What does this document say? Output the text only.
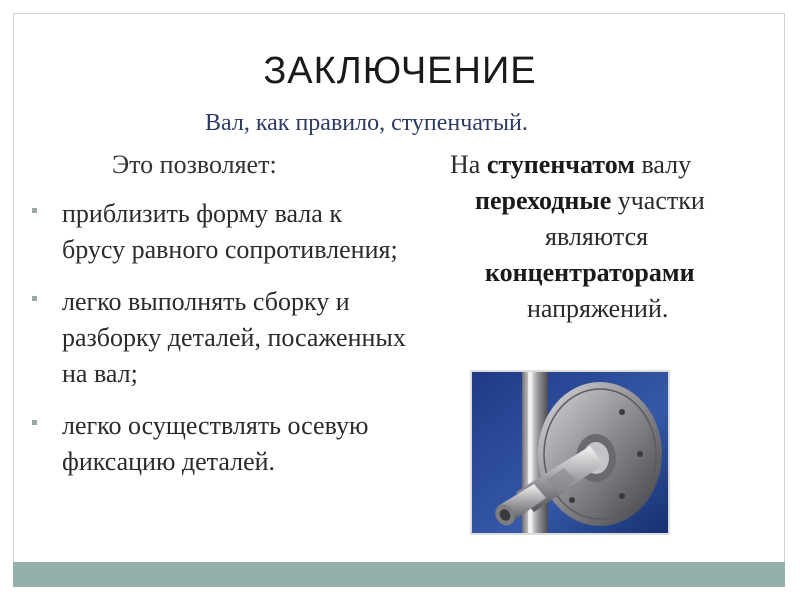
ЗАКЛЮЧЕНИЕ
Вал, как правило, ступенчатый.
Это позволяет:
приблизить форму вала к брусу равного сопротивления;
легко выполнять сборку и разборку деталей, посаженных на вал;
легко осуществлять осевую фиксацию деталей.
На ступенчатом валу
переходные участки
являются
концентраторами
напряжений.
